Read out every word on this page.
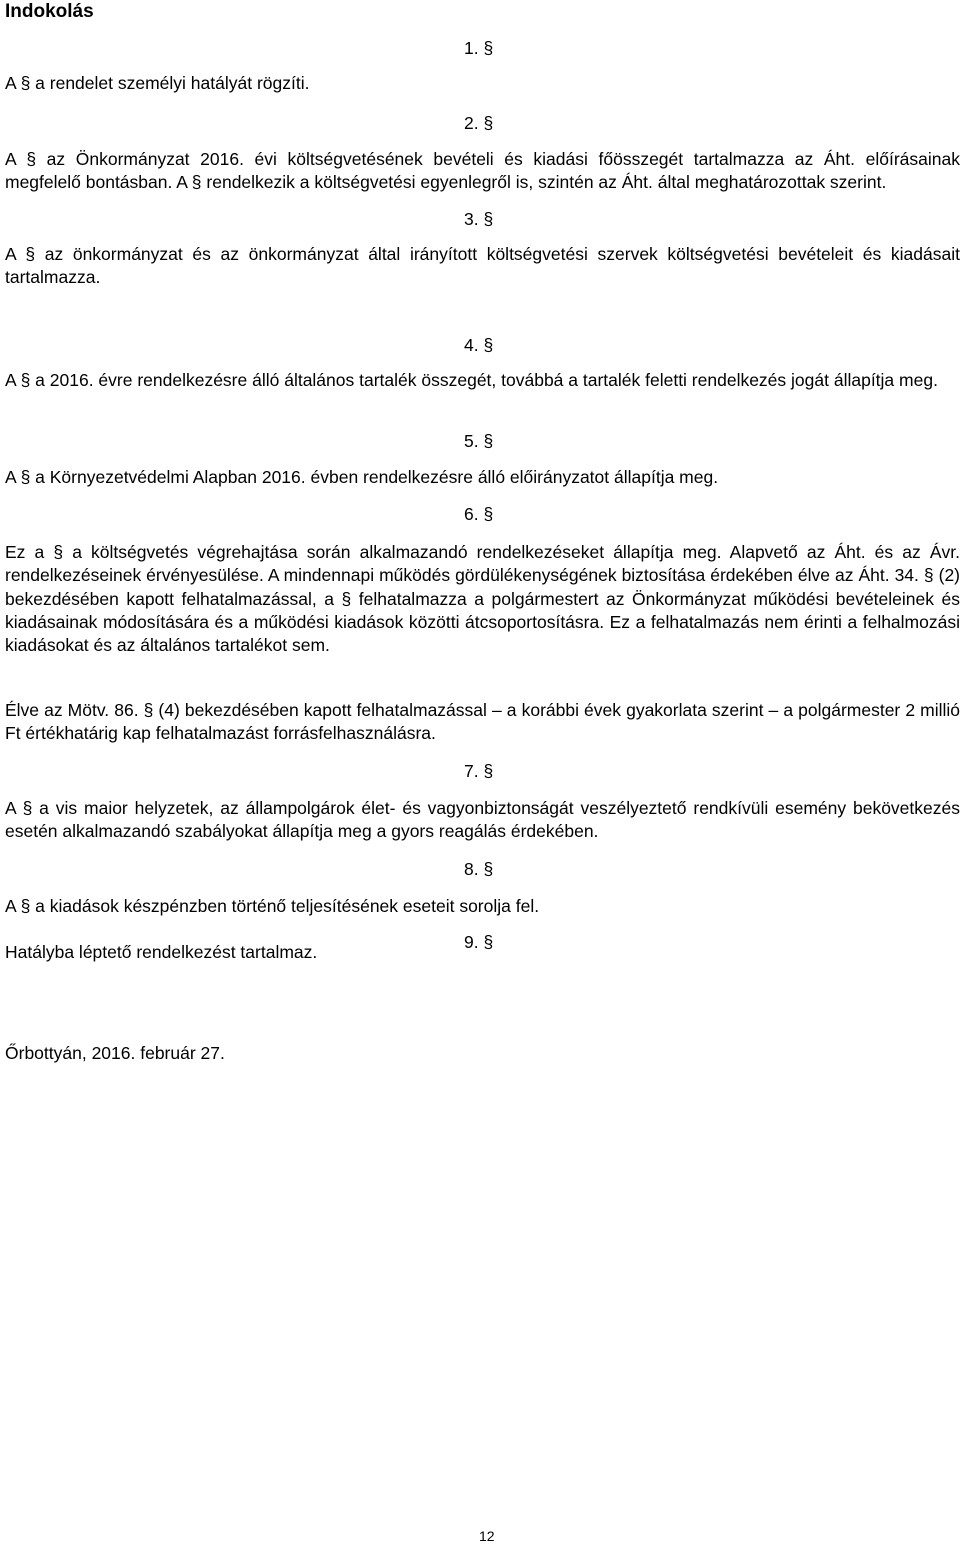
Indokolás
1. §

A § a rendelet személyi hatályát rögzíti.

2. §

A § az Önkormányzat 2016. évi költségvetésének bevételi és kiadási főösszegét tartalmazza az Áht. előírásainak megfelelő bontásban. A § rendelkezik a költségvetési egyenlegről is, szintén az Áht. által meghatározottak szerint.

3. §

A § az önkormányzat és az önkormányzat által irányított költségvetési szervek költségvetési bevételeit és kiadásait tartalmazza.

4. §

A § a 2016. évre rendelkezésre álló általános tartalék összegét, továbbá a tartalék feletti rendelkezés jogát állapítja meg.

5. §

A § a Környezetvédelmi Alapban 2016. évben rendelkezésre álló előirányzatot állapítja meg.

6. §

Ez a § a költségvetés végrehajtása során alkalmazandó rendelkezéseket állapítja meg. Alapvető az Áht. és az Ávr. rendelkezéseinek érvényesülése. A mindennapi működés gördülékenységének biztosítása érdekében élve az Áht. 34. § (2) bekezdésében kapott felhatalmazással, a § felhatalmazza a polgármestert az Önkormányzat működési bevételeinek és kiadásainak módosítására és a működési kiadások közötti átcsoportosításra. Ez a felhatalmazás nem érinti a felhalmozási kiadásokat és az általános tartalékot sem.

Élve az Mötv. 86. § (4) bekezdésében kapott felhatalmazással – a korábbi évek gyakorlata szerint – a polgármester 2 millió Ft értékhatárig kap felhatalmazást forrásfelhasználásra.

7. §

A § a vis maior helyzetek, az állampolgárok élet- és vagyonbiztonságát veszélyeztető rendkívüli esemény bekövetkezés esetén alkalmazandó szabályokat állapítja meg a gyors reagálás érdekében.

8. §

A § a kiadások készpénzben történő teljesítésének eseteit sorolja fel.

9. §

Hatályba léptető rendelkezést tartalmaz.

Őrbottyán, 2016. február 27.

12
